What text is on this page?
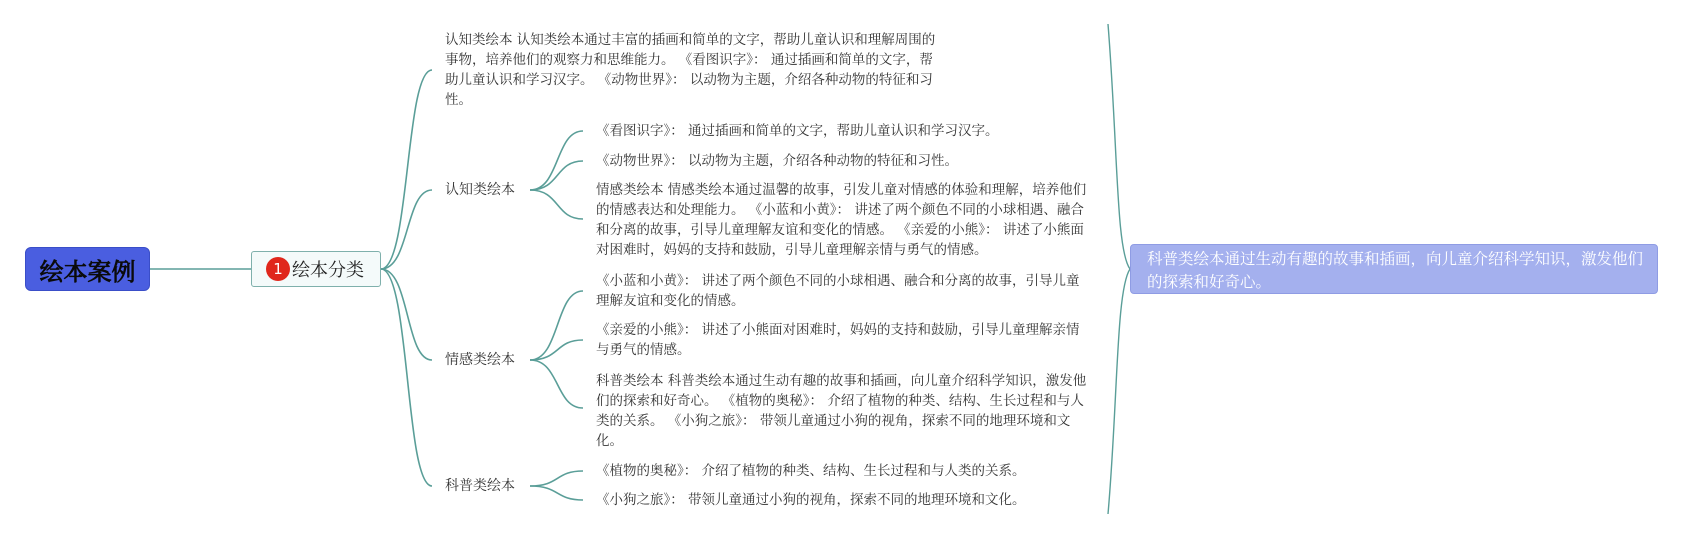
绘本案例	1 绘本分类
认知类绘本 认知类绘本通过丰富的插画和简单的文字，帮助儿童认识和理解周围的事物，培养他们的观察力和思维能力。 《看图识字》： 通过插画和简单的文字，帮助儿童认识和学习汉字。 《动物世界》： 以动物为主题，介绍各种动物的特征和习性。
认知类绘本
情感类绘本
科普类绘本
《看图识字》： 通过插画和简单的文字，帮助儿童认识和学习汉字。
《动物世界》： 以动物为主题，介绍各种动物的特征和习性。
情感类绘本 情感类绘本通过温馨的故事，引发儿童对情感的体验和理解，培养他们的情感表达和处理能力。 《小蓝和小黄》： 讲述了两个颜色不同的小球相遇、融合和分离的故事，引导儿童理解友谊和变化的情感。 《亲爱的小熊》： 讲述了小熊面对困难时，妈妈的支持和鼓励，引导儿童理解亲情与勇气的情感。
《小蓝和小黄》： 讲述了两个颜色不同的小球相遇、融合和分离的故事，引导儿童理解友谊和变化的情感。
《亲爱的小熊》： 讲述了小熊面对困难时，妈妈的支持和鼓励，引导儿童理解亲情与勇气的情感。
科普类绘本 科普类绘本通过生动有趣的故事和插画，向儿童介绍科学知识，激发他们的探索和好奇心。 《植物的奥秘》： 介绍了植物的种类、结构、生长过程和与人类的关系。 《小狗之旅》： 带领儿童通过小狗的视角，探索不同的地理环境和文化。
《植物的奥秘》： 介绍了植物的种类、结构、生长过程和与人类的关系。
《小狗之旅》： 带领儿童通过小狗的视角，探索不同的地理环境和文化。
科普类绘本通过生动有趣的故事和插画，向儿童介绍科学知识，激发他们的探索和好奇心。
